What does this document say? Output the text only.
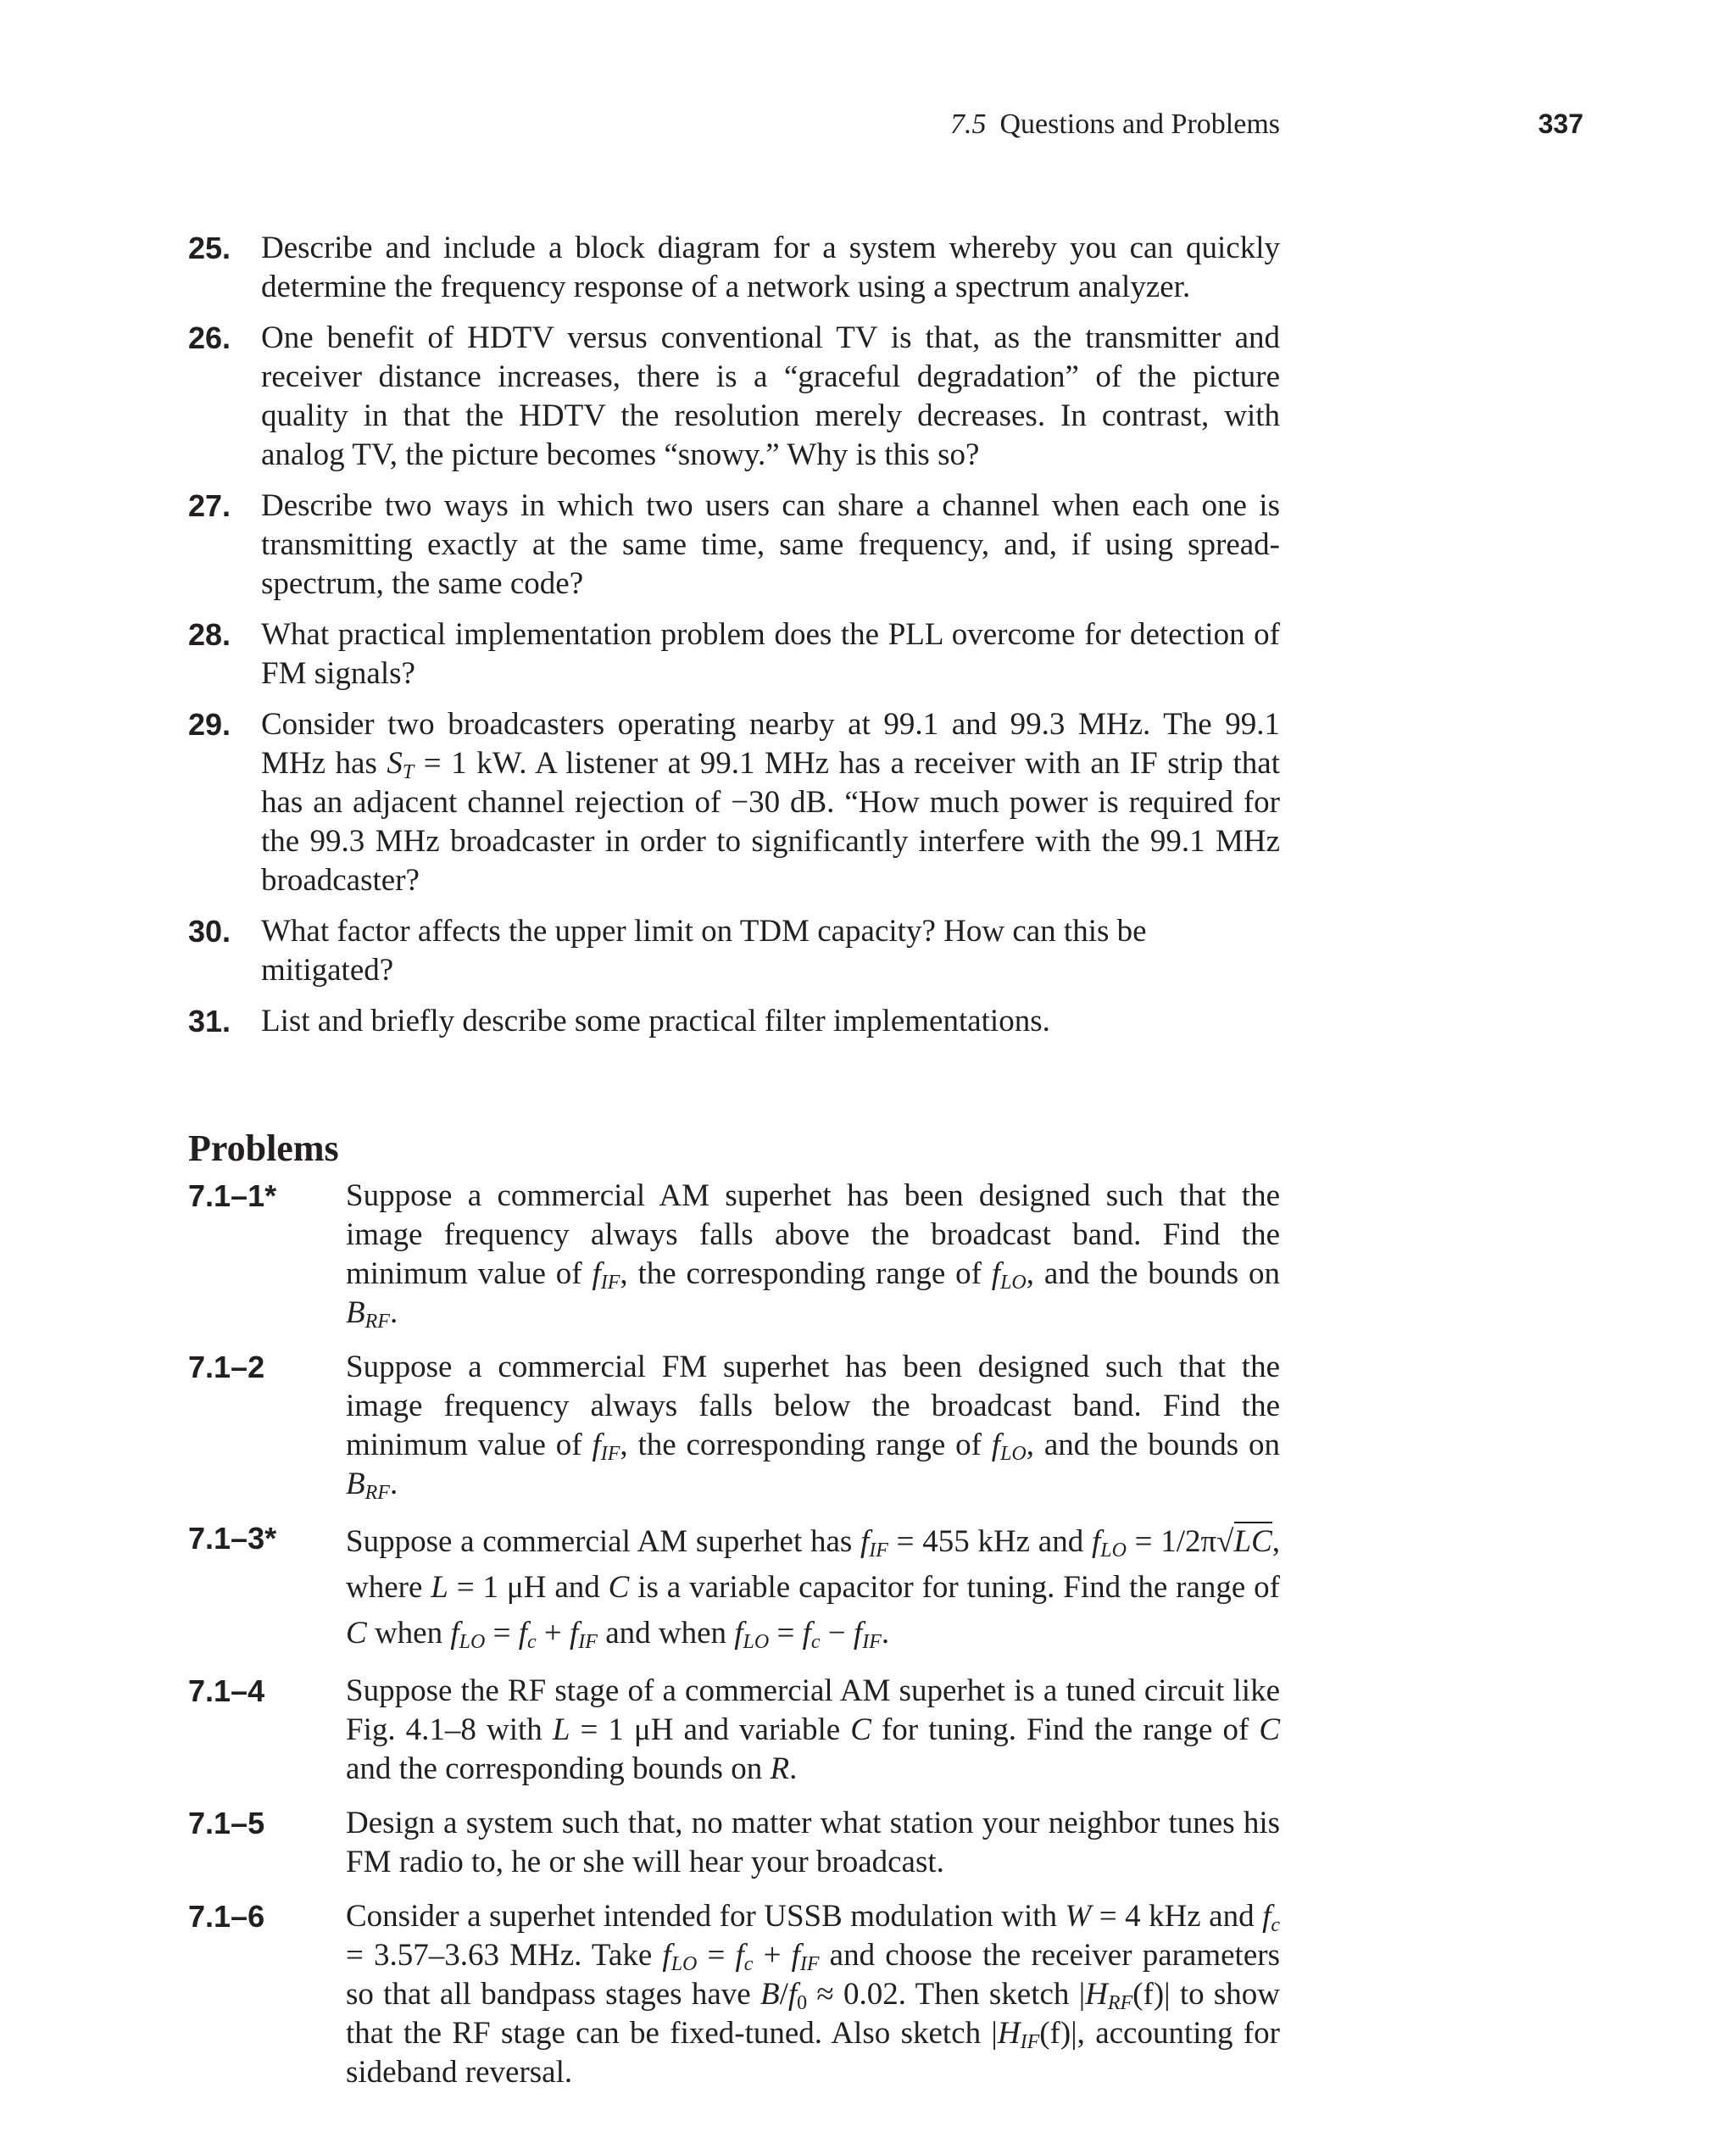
7.5 Questions and Problems	337
25. Describe and include a block diagram for a system whereby you can quickly determine the frequency response of a network using a spectrum analyzer.
26. One benefit of HDTV versus conventional TV is that, as the transmitter and receiver distance increases, there is a “graceful degradation” of the picture quality in that the HDTV the resolution merely decreases. In contrast, with analog TV, the picture becomes “snowy.” Why is this so?
27. Describe two ways in which two users can share a channel when each one is transmitting exactly at the same time, same frequency, and, if using spread-spectrum, the same code?
28. What practical implementation problem does the PLL overcome for detection of FM signals?
29. Consider two broadcasters operating nearby at 99.1 and 99.3 MHz. The 99.1 MHz has $S_T = 1$ kW. A listener at 99.1 MHz has a receiver with an IF strip that has an adjacent channel rejection of −30 dB. “How much power is required for the 99.3 MHz broadcaster in order to significantly interfere with the 99.1 MHz broadcaster?
30. What factor affects the upper limit on TDM capacity? How can this be mitigated?
31. List and briefly describe some practical filter implementations.
Problems
7.1–1*	Suppose a commercial AM superhet has been designed such that the image frequency always falls above the broadcast band. Find the minimum value of $f_{IF}$, the corresponding range of $f_{LO}$, and the bounds on $B_{RF}$.
7.1–2	Suppose a commercial FM superhet has been designed such that the image frequency always falls below the broadcast band. Find the minimum value of $f_{IF}$, the corresponding range of $f_{LO}$, and the bounds on $B_{RF}$.
7.1–3*	Suppose a commercial AM superhet has $f_{IF} = 455$ kHz and $f_{LO} = 1/2\pi√LC$, where L = 1 μH and C is a variable capacitor for tuning. Find the range of C when $f_{LO} = f_c + f_{IF}$ and when $f_{LO} = f_c - f_{IF}$.
7.1–4	Suppose the RF stage of a commercial AM superhet is a tuned circuit like Fig. 4.1–8 with L = 1 μH and variable C for tuning. Find the range of C and the corresponding bounds on R.
7.1–5	Design a system such that, no matter what station your neighbor tunes his FM radio to, he or she will hear your broadcast.
7.1–6	Consider a superhet intended for USSB modulation with W = 4 kHz and $f_c = 3.57-3.63$ MHz. Take $f_{LO} = f_c + f_{IF}$ and choose the receiver parameters so that all bandpass stages have $B/f_0 \approx 0.02$. Then sketch $|H_{RF}(f)|$ to show that the RF stage can be fixed-tuned. Also sketch $|H_{IF}(f)|$, accounting for sideband reversal.
